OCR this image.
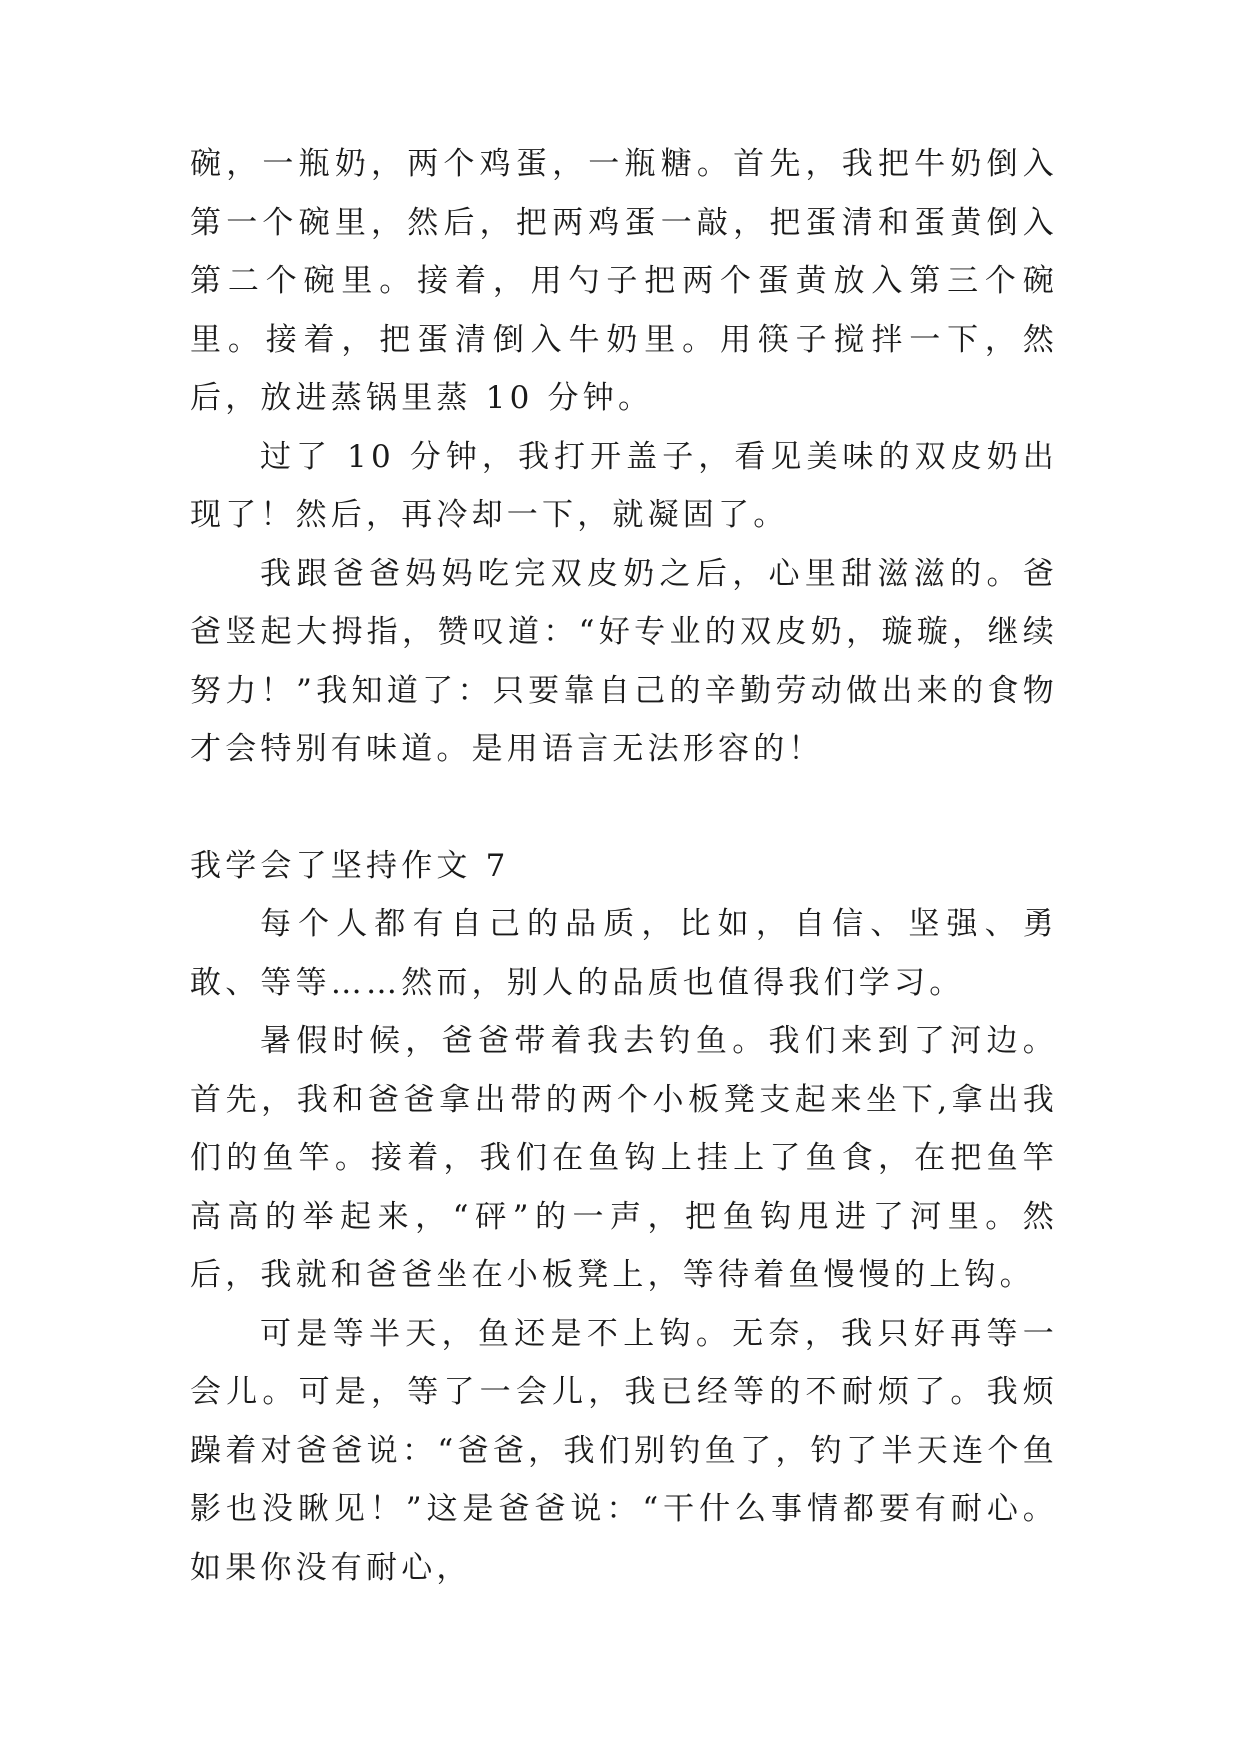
碗，一瓶奶，两个鸡蛋，一瓶糖。首先，我把牛奶倒入第一个碗里，然后，把两鸡蛋一敲，把蛋清和蛋黄倒入第二个碗里。接着，用勺子把两个蛋黄放入第三个碗里。接着，把蛋清倒入牛奶里。用筷子搅拌一下，然后，放进蒸锅里蒸 10 分钟。

过了 10 分钟，我打开盖子，看见美味的双皮奶出现了！然后，再冷却一下，就凝固了。

我跟爸爸妈妈吃完双皮奶之后，心里甜滋滋的。爸爸竖起大拇指，赞叹道：“好专业的双皮奶，璇璇，继续努力！”我知道了：只要靠自己的辛勤劳动做出来的食物才会特别有味道。是用语言无法形容的！

我学会了坚持作文 7

每个人都有自己的品质，比如，自信、坚强、勇敢、等等……然而，别人的品质也值得我们学习。

暑假时候，爸爸带着我去钓鱼。我们来到了河边。首先，我和爸爸拿出带的两个小板凳支起来坐下,拿出我们的鱼竿。接着，我们在鱼钩上挂上了鱼食，在把鱼竿高高的举起来，“砰”的一声，把鱼钩甩进了河里。然后，我就和爸爸坐在小板凳上，等待着鱼慢慢的上钩。

可是等半天，鱼还是不上钩。无奈，我只好再等一会儿。可是，等了一会儿，我已经等的不耐烦了。我烦躁着对爸爸说：“爸爸，我们别钓鱼了，钓了半天连个鱼影也没瞅见！”这是爸爸说：“干什么事情都要有耐心。如果你没有耐心，
